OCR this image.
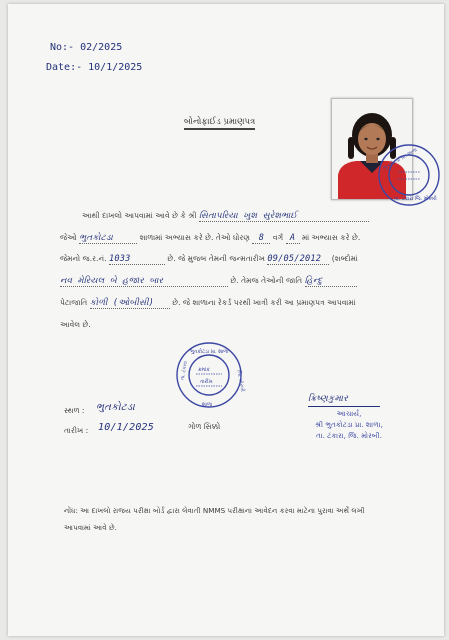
No:- 02/2025
Date:- 10/1/2025
બોનોફાઈડ પ્રમાણપત્ર
ભુતકોટડા પ્રા. શાળા
તા. ટંકારા જિ. મોરબી
આથી દાખલો આપવામાં આવે છે કે શ્રી સિતાપરિયા ખુશ સુરેશભાઈ
જેઓ ભુતકોટડા	શાળામાં અભ્યાસ કરે છે. તેઓ ધોરણ 8 વર્ગ A માં અભ્યાસ કરે છે.
જેમનો જ.ર.નં. 1033	છે. જે મુજબ તેમની જન્મતારીખ 09/05/2012 (શબ્દોમાં
નવ મેરિયલ બે હજાર બાર	છે. તેમજ તેઓની જાતિ હિન્દુ
પેટાજાતિ કોળી (ઓબીસી) છે. જે શાળાના રેકર્ડ પરથી ખાત્રી કરી આ પ્રમાણપત્ર આપવામાં
આવેલ છે.
ભુતકોટડા પ્રા. શાળા
તા. ટંકારા	જિ. મોરબી
ક્રમાંક
તારીખ
શાળા
સ્થળ : ભુતકોટડા
તારીખ : 10/1/2025	ગોળ સિક્કો
ક્રિષ્ણકુમાર
આચાર્ય,
શ્રી ભુતકોટડા પ્રા. શાળા,
તા. ટંકારા, જિ. મોરબી.
નોંધ: આ દાખલો રાજય પરીક્ષા બોર્ડ દ્વારા લેવાતી NMMS પરીક્ષાના આવેદન કરવા માટેના પુરાવા અર્થે લખી
આપવામાં આવે છે.
